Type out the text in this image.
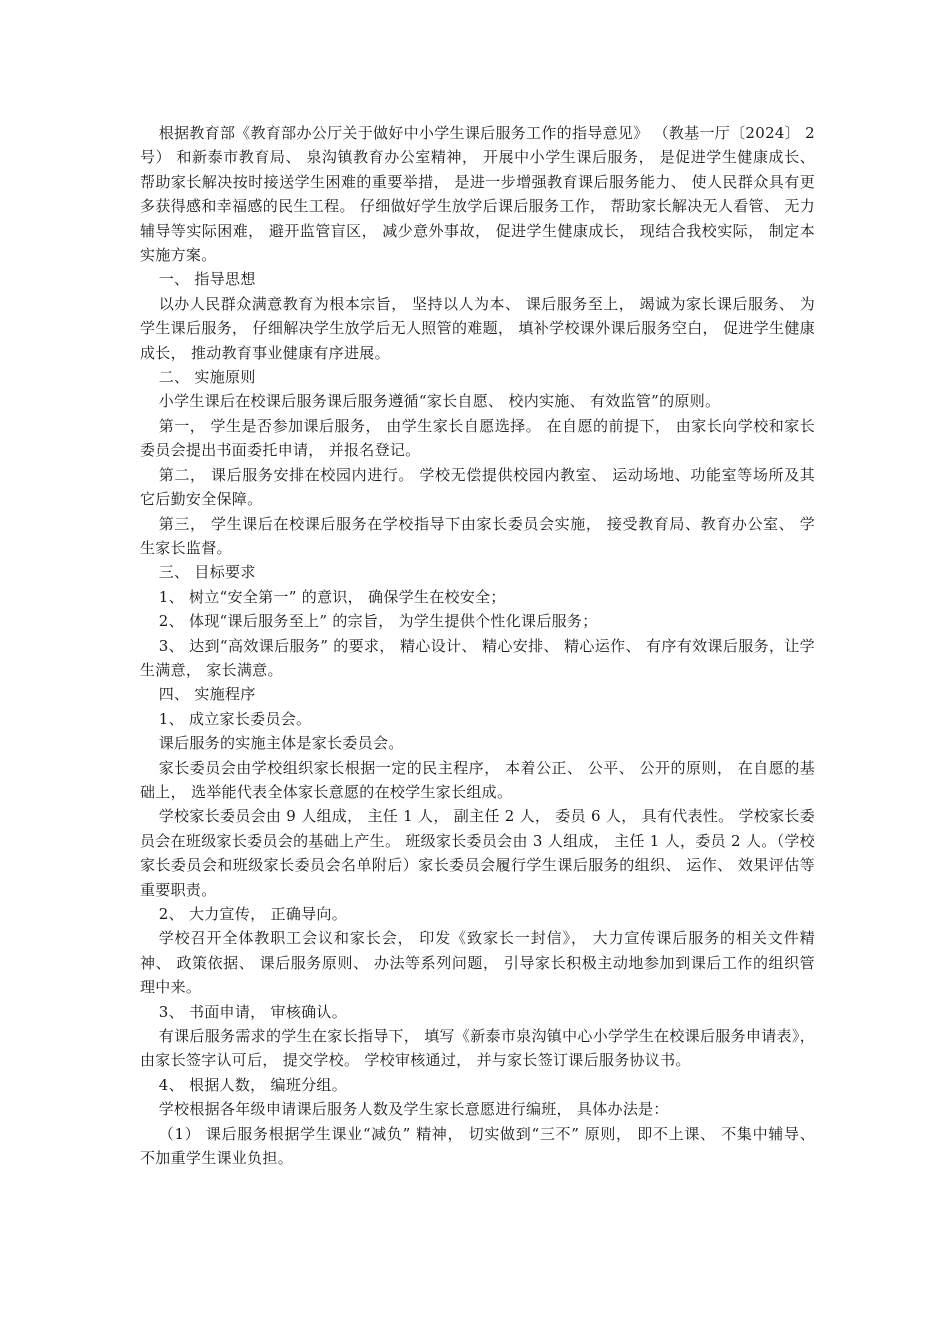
根据教育部《教育部办公厅关于做好中小学生课后服务工作的指导意见》 （教基一厅〔2024〕 2 号） 和新泰市教育局、 泉沟镇教育办公室精神， 开展中小学生课后服务， 是促进学生健康成长、 帮助家长解决按时接送学生困难的重要举措， 是进一步增强教育课后服务能力、 使人民群众具有更多获得感和幸福感的民生工程。 仔细做好学生放学后课后服务工作， 帮助家长解决无人看管、 无力辅导等实际困难， 避开监管盲区， 减少意外事故， 促进学生健康成长， 现结合我校实际， 制定本实施方案。

一、 指导思想

以办人民群众满意教育为根本宗旨， 坚持以人为本、 课后服务至上， 竭诚为家长课后服务、 为学生课后服务， 仔细解决学生放学后无人照管的难题， 填补学校课外课后服务空白， 促进学生健康成长， 推动教育事业健康有序进展。

二、 实施原则

小学生课后在校课后服务课后服务遵循“家长自愿、 校内实施、 有效监管”的原则。

第一， 学生是否参加课后服务， 由学生家长自愿选择。 在自愿的前提下， 由家长向学校和家长委员会提出书面委托申请， 并报名登记。

第二， 课后服务安排在校园内进行。 学校无偿提供校园内教室、 运动场地、功能室等场所及其它后勤安全保障。

第三， 学生课后在校课后服务在学校指导下由家长委员会实施， 接受教育局、教育办公室、 学生家长监督。

三、 目标要求

1、 树立“安全第一” 的意识， 确保学生在校安全；

2、 体现“课后服务至上” 的宗旨， 为学生提供个性化课后服务；

3、 达到“高效课后服务” 的要求， 精心设计、 精心安排、 精心运作、 有序有效课后服务，让学生满意， 家长满意。

四、 实施程序

1、 成立家长委员会。

课后服务的实施主体是家长委员会。

家长委员会由学校组织家长根据一定的民主程序， 本着公正、 公平、 公开的原则， 在自愿的基础上， 选举能代表全体家长意愿的在校学生家长组成。

学校家长委员会由 9 人组成， 主任 1 人， 副主任 2 人， 委员 6 人， 具有代表性。 学校家长委员会在班级家长委员会的基础上产生。 班级家长委员会由 3 人组成， 主任 1 人，委员 2 人。（学校家长委员会和班级家长委员会名单附后）家长委员会履行学生课后服务的组织、 运作、 效果评估等重要职责。

2、 大力宣传， 正确导向。

学校召开全体教职工会议和家长会， 印发《致家长一封信》， 大力宣传课后服务的相关文件精神、 政策依据、 课后服务原则、 办法等系列问题， 引导家长积极主动地参加到课后工作的组织管理中来。

3、 书面申请， 审核确认。

有课后服务需求的学生在家长指导下， 填写《新泰市泉沟镇中心小学学生在校课后服务申请表》， 由家长签字认可后， 提交学校。 学校审核通过， 并与家长签订课后服务协议书。

4、 根据人数， 编班分组。

学校根据各年级申请课后服务人数及学生家长意愿进行编班， 具体办法是：

（1） 课后服务根据学生课业“减负” 精神， 切实做到“三不” 原则， 即不上课、 不集中辅导、 不加重学生课业负担。
